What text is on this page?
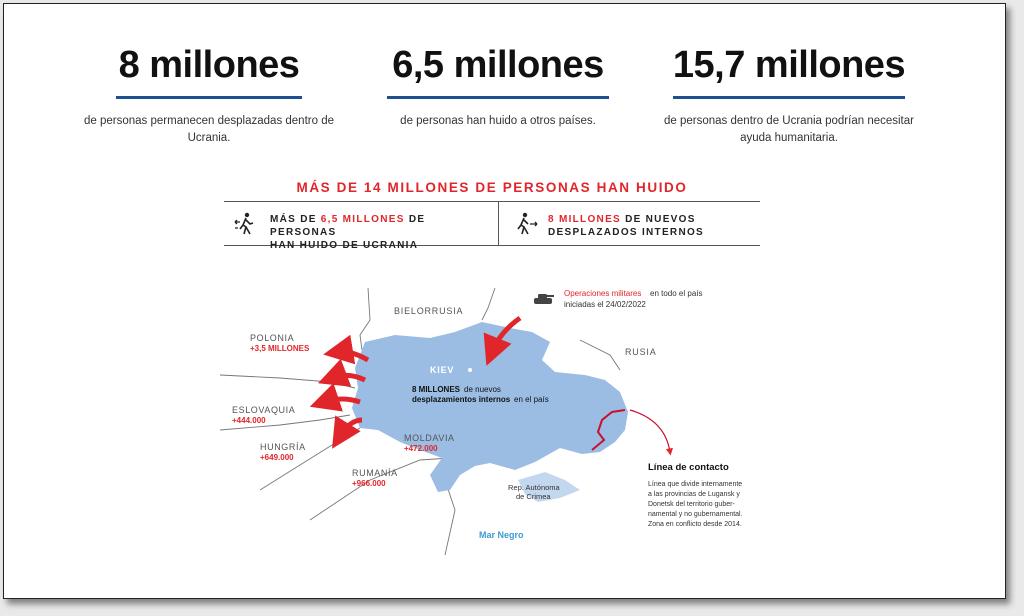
8 millones
de personas permanecen desplazadas dentro de
Ucrania.
6,5 millones
de personas han huido a otros países.
15,7 millones
de personas dentro de Ucrania podrían necesitar
ayuda humanitaria.
MÁS DE 14 MILLONES DE PERSONAS HAN HUIDO
MÁS DE 6,5 MILLONES DE PERSONAS
HAN HUIDO DE UCRANIA
8 MILLONES DE NUEVOS
DESPLAZADOS INTERNOS
Operaciones militares en todo el país
iniciadas el 24/02/2022
BIELORRUSIA
RUSIA
POLONIA
+3,5 MILLONES
ESLOVAQUIA
+444.000
HUNGRÍA
+649.000
MOLDAVIA
+472.000
RUMANÍA
+966.000
KIEV
8 MILLONES de nuevos
desplazamientos internos en el país
Rep. Autónoma
de Crimea
Mar Negro
Línea de contacto
Línea que divide internamente
a las provincias de Lugansk y
Donetsk del territorio guber-
namental y no gubernamental.
Zona en conflicto desde 2014.
